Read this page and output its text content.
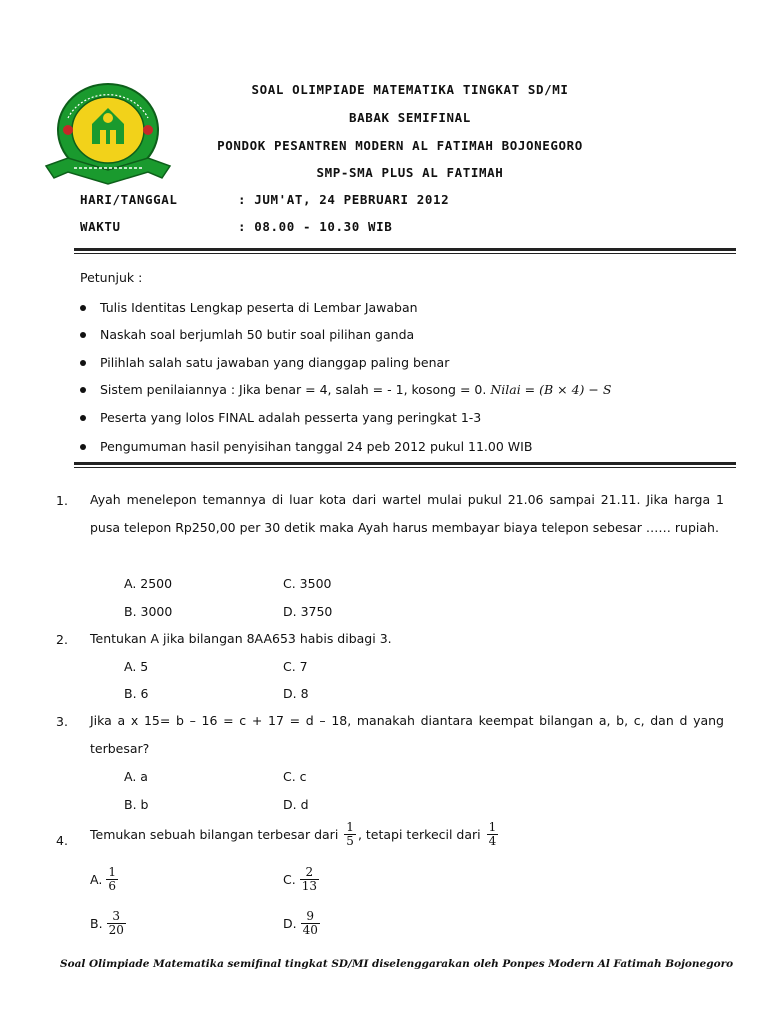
SOAL OLIMPIADE MATEMATIKA TINGKAT SD/MI
BABAK SEMIFINAL
PONDOK PESANTREN MODERN AL FATIMAH BOJONEGORO
SMP-SMA PLUS AL FATIMAH
HARI/TANGGAL	: JUM'AT, 24 PEBRUARI 2012
WAKTU	: 08.00 - 10.30 WIB
Petunjuk :
Tulis Identitas Lengkap peserta di Lembar Jawaban
Naskah soal berjumlah 50 butir soal pilihan ganda
Pilihlah salah satu jawaban yang dianggap paling benar
Sistem penilaiannya : Jika benar = 4, salah = - 1, kosong = 0.
Nilai = (B × 4) − S
Peserta yang lolos FINAL adalah pesserta yang peringkat 1-3
Pengumuman hasil penyisihan tanggal 24 peb 2012 pukul 11.00 WIB
1. Ayah menelepon temannya di luar kota dari wartel mulai pukul 21.06 sampai 21.11. Jika harga 1 pusa telepon Rp250,00 per 30 detik maka Ayah harus membayar biaya telepon sebesar …… rupiah.
A. 2500	C. 3500
B. 3000	D. 3750
2. Tentukan A jika bilangan 8AA653 habis dibagi 3.
A. 5	C. 7
B. 6	D. 8
3. Jika a x 15= b – 16 = c + 17 = d – 18, manakah diantara keempat bilangan a, b, c, dan d yang terbesar?
A. a	C. c
B. b	D. d
4. Temukan sebuah bilangan terbesar dari $\frac{1}{5}$ , tetapi terkecil dari $\frac{1}{4}$
A. $\frac{1}{6}$	C. $\frac{2}{13}$
B. $\frac{3}{20}$	D. $\frac{9}{40}$
Soal Olimpiade Matematika semifinal tingkat SD/MI diselenggarakan oleh Ponpes Modern Al Fatimah Bojonegoro
